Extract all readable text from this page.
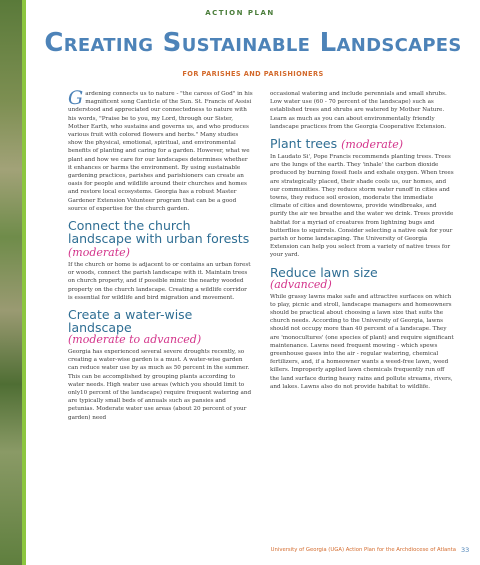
ACTION PLAN
Creating Sustainable Landscapes
FOR PARISHES AND PARISHIONERS

Gardening connects us to nature - "the caress of God" in his magnificent song Canticle of the Sun. St. Francis of Assisi understood and appreciated our connectedness to nature with his words, "Praise be to you, my Lord, through our Sister, Mother Earth, who sustains and governs us, and who produces various fruit with colored flowers and herbs." Many studies show the physical, emotional, spiritual, and environmental benefits of planting and caring for a garden. However, what we plant and how we care for our landscapes determines whether it enhances or harms the environment. By using sustainable gardening practices, parishes and parishioners can create an oasis for people and wildlife around their churches and homes and restore local ecosystems. Georgia has a robust Master Gardener Extension Volunteer program that can be a good source of expertise for the church garden.

Connect the church landscape with urban forests (moderate)

If the church or home is adjacent to or contains an urban forest or woods, connect the parish landscape with it. Maintain trees on church property, and if possible mimic the nearby wooded property on the church landscape. Creating a wildlife corridor is essential for wildlife and bird migration and movement.

Create a water-wise landscape
(moderate to advanced)

Georgia has experienced several severe droughts recently, so creating a water-wise garden is a must. A water-wise garden can reduce water use by as much as 50 percent in the summer. This can be accomplished by grouping plants according to water needs. High water use areas (which you should limit to only10 percent of the landscape) require frequent watering and are typically small beds of annuals such as pansies and petunias. Moderate water use areas (about 20 percent of your garden) need

occasional watering and include perennials and small shrubs. Low water use (60 - 70 percent of the landscape) such as established trees and shrubs are watered by Mother Nature. Learn as much as you can about environmentally friendly landscape practices from the Georgia Cooperative Extension.

Plant trees (moderate)

In Laudato Si', Pope Francis recommends planting trees. Trees are the lungs of the earth. They 'inhale' the carbon dioxide produced by burning fossil fuels and exhale oxygen. When trees are strategically placed, their shade cools us, our homes, and our communities. They reduce storm water runoff in cities and towns, they reduce soil erosion, moderate the immediate climate of cities and downtowns, provide windbreaks, and purify the air we breathe and the water we drink. Trees provide habitat for a myriad of creatures from lightning bugs and butterflies to squirrels. Consider selecting a native oak for your parish or home landscaping. The University of Georgia Extension can help you select from a variety of native trees for your yard.

Reduce lawn size
(advanced)

While grassy lawns make safe and attractive surfaces on which to play, picnic and stroll, landscape managers and homeowners should be practical about choosing a lawn size that suits the church needs. According to the University of Georgia, lawns should not occupy more than 40 percent of a landscape. They are 'monocultures' (one species of plant) and require significant maintenance. Lawns need frequent mowing - which spews greenhouse gases into the air - regular watering, chemical fertilizers, and, if a homeowner wants a weed-free lawn, weed killers. Improperly applied lawn chemicals frequently run off the land surface during heavy rains and pollute streams, rivers, and lakes. Lawns also do not provide habitat to wildlife.

University of Georgia (UGA) Action Plan for the Archdiocese of Atlanta 33
